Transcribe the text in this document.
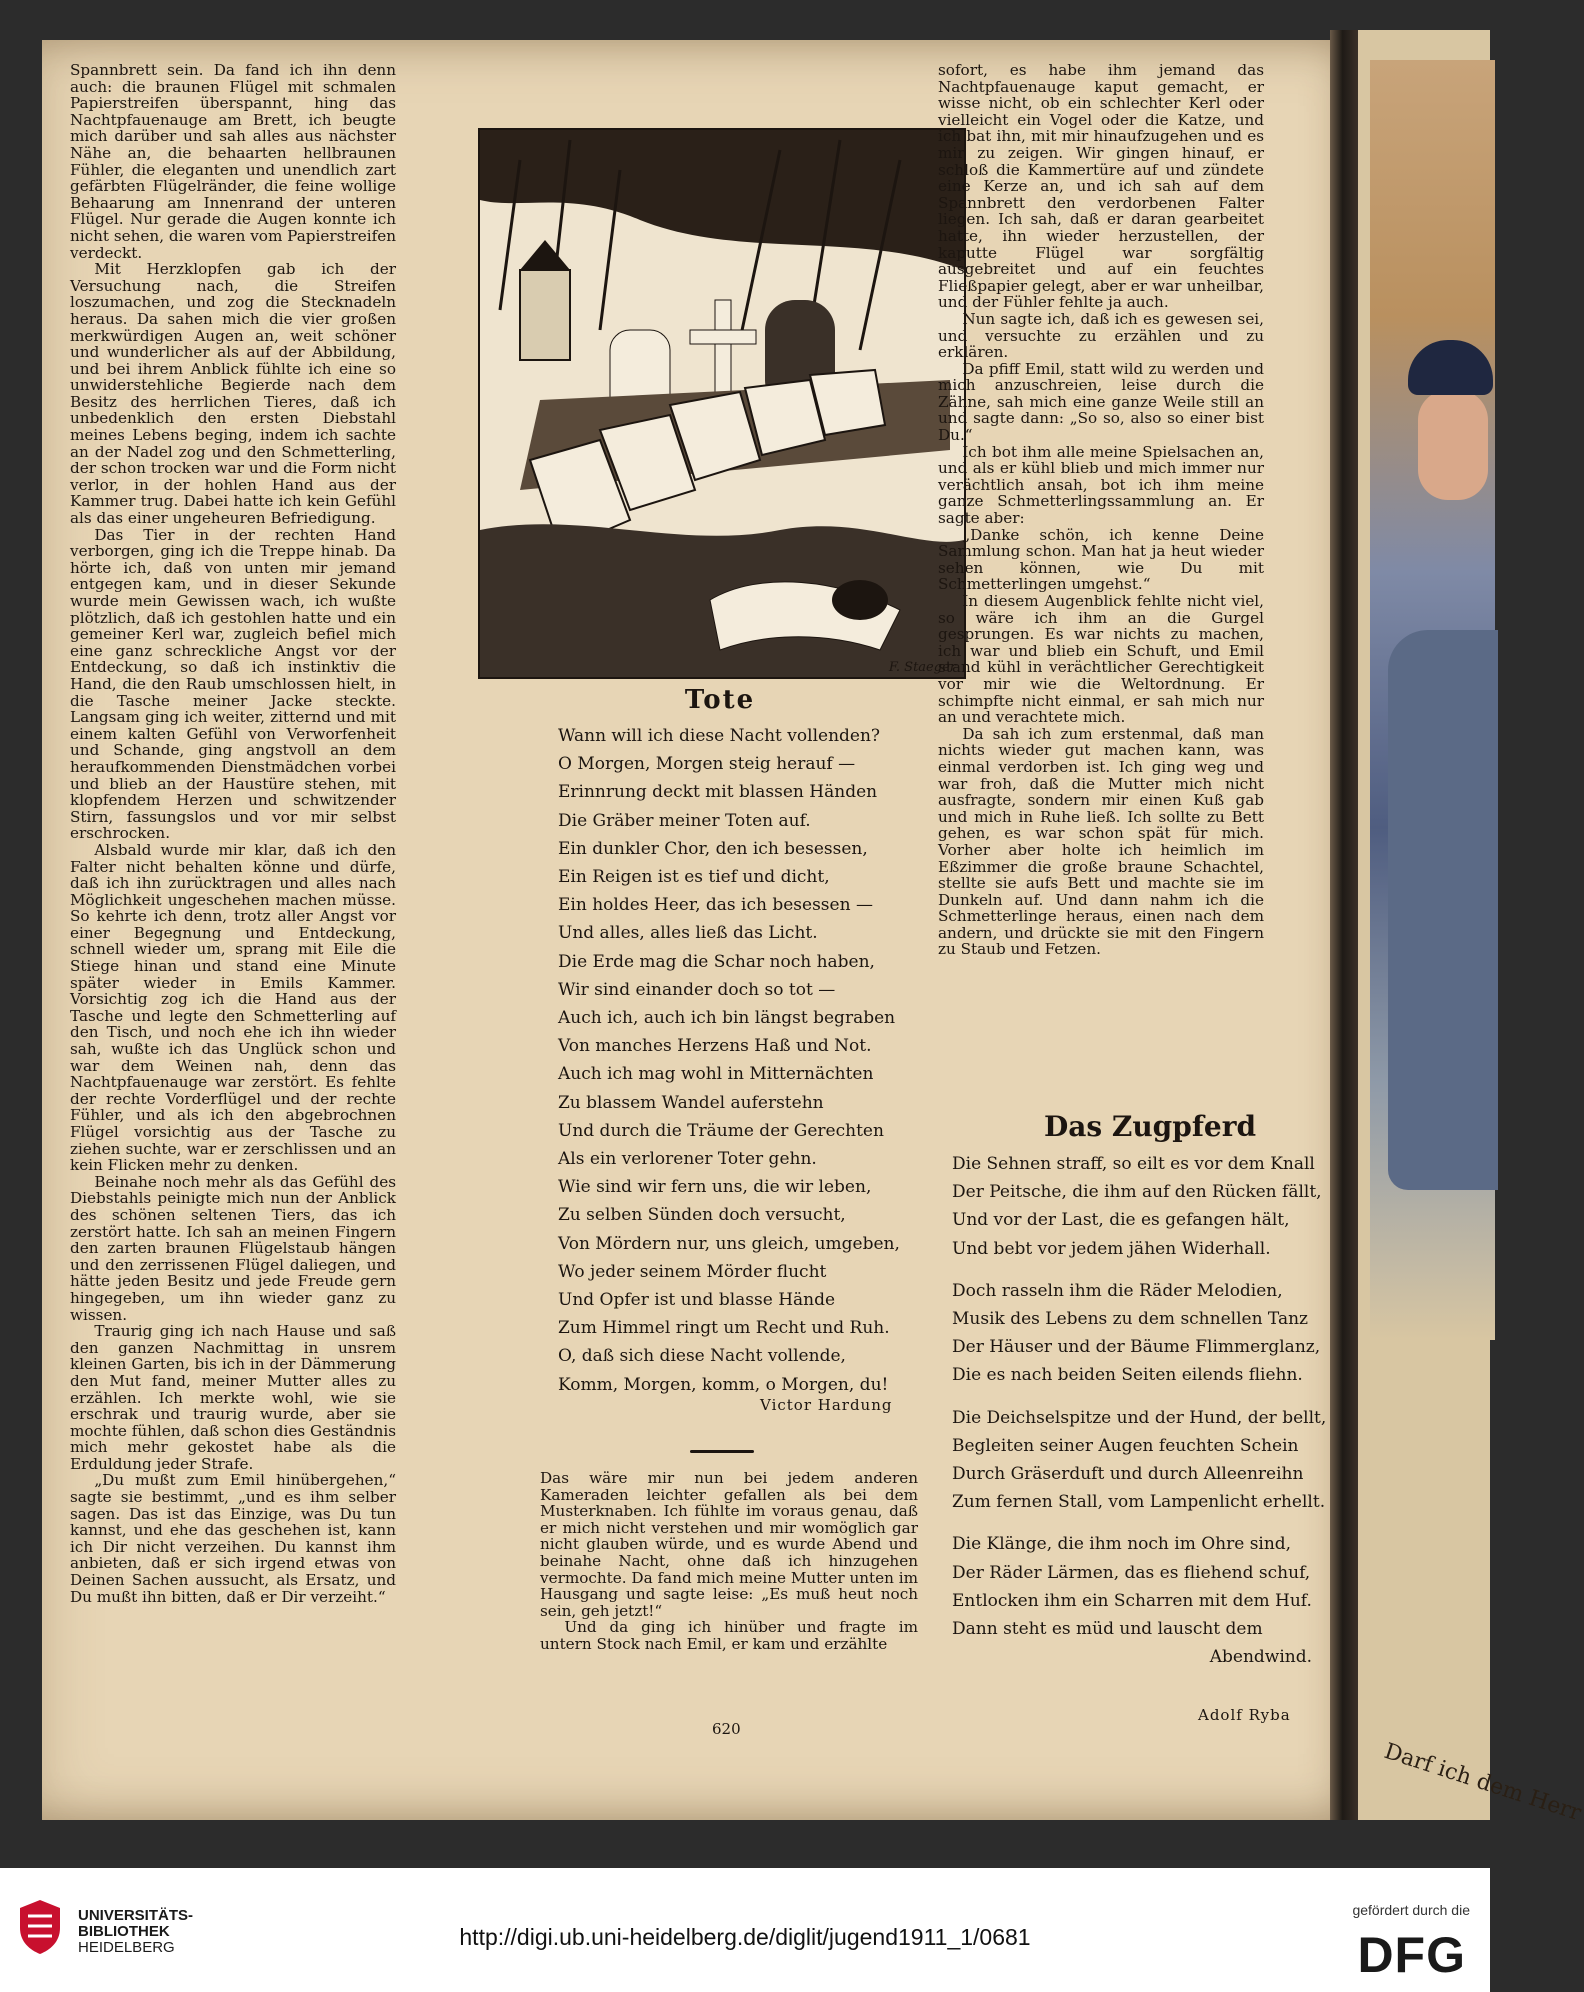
Darf ich dem Herr

Spannbrett sein. Da fand ich ihn denn auch: die braunen Flügel mit schmalen Papierstreifen überspannt, hing das Nachtpfauenauge am Brett, ich beugte mich darüber und sah alles aus nächster Nähe an, die behaarten hellbraunen Fühler, die eleganten und unendlich zart gefärbten Flügelränder, die feine wollige Behaarung am Innenrand der unteren Flügel. Nur gerade die Augen konnte ich nicht sehen, die waren vom Papierstreifen verdeckt.

Mit Herzklopfen gab ich der Versuchung nach, die Streifen loszumachen, und zog die Stecknadeln heraus. Da sahen mich die vier großen merkwürdigen Augen an, weit schöner und wunderlicher als auf der Abbildung, und bei ihrem Anblick fühlte ich eine so unwiderstehliche Begierde nach dem Besitz des herrlichen Tieres, daß ich unbedenklich den ersten Diebstahl meines Lebens beging, indem ich sachte an der Nadel zog und den Schmetterling, der schon trocken war und die Form nicht verlor, in der hohlen Hand aus der Kammer trug. Dabei hatte ich kein Gefühl als das einer ungeheuren Befriedigung.

Das Tier in der rechten Hand verborgen, ging ich die Treppe hinab. Da hörte ich, daß von unten mir jemand entgegen kam, und in dieser Sekunde wurde mein Gewissen wach, ich wußte plötzlich, daß ich gestohlen hatte und ein gemeiner Kerl war, zugleich befiel mich eine ganz schreckliche Angst vor der Entdeckung, so daß ich instinktiv die Hand, die den Raub umschlossen hielt, in die Tasche meiner Jacke steckte. Langsam ging ich weiter, zitternd und mit einem kalten Gefühl von Verworfenheit und Schande, ging angstvoll an dem heraufkommenden Dienstmädchen vorbei und blieb an der Haustüre stehen, mit klopfendem Herzen und schwitzender Stirn, fassungslos und vor mir selbst erschrocken.

Alsbald wurde mir klar, daß ich den Falter nicht behalten könne und dürfe, daß ich ihn zurücktragen und alles nach Möglichkeit ungeschehen machen müsse. So kehrte ich denn, trotz aller Angst vor einer Begegnung und Entdeckung, schnell wieder um, sprang mit Eile die Stiege hinan und stand eine Minute später wieder in Emils Kammer. Vorsichtig zog ich die Hand aus der Tasche und legte den Schmetterling auf den Tisch, und noch ehe ich ihn wieder sah, wußte ich das Unglück schon und war dem Weinen nah, denn das Nachtpfauenauge war zerstört. Es fehlte der rechte Vorderflügel und der rechte Fühler, und als ich den abgebrochnen Flügel vorsichtig aus der Tasche zu ziehen suchte, war er zerschlissen und an kein Flicken mehr zu denken.

Beinahe noch mehr als das Gefühl des Diebstahls peinigte mich nun der Anblick des schönen seltenen Tiers, das ich zerstört hatte. Ich sah an meinen Fingern den zarten braunen Flügelstaub hängen und den zerrissenen Flügel daliegen, und hätte jeden Besitz und jede Freude gern hingegeben, um ihn wieder ganz zu wissen.

Traurig ging ich nach Hause und saß den ganzen Nachmittag in unsrem kleinen Garten, bis ich in der Dämmerung den Mut fand, meiner Mutter alles zu erzählen. Ich merkte wohl, wie sie erschrak und traurig wurde, aber sie mochte fühlen, daß schon dies Geständnis mich mehr gekostet habe als die Erduldung jeder Strafe.

„Du mußt zum Emil hinübergehen,“ sagte sie bestimmt, „und es ihm selber sagen. Das ist das Einzige, was Du tun kannst, und ehe das geschehen ist, kann ich Dir nicht verzeihen. Du kannst ihm anbieten, daß er sich irgend etwas von Deinen Sachen aussucht, als Ersatz, und Du mußt ihn bitten, daß er Dir verzeiht.“

F. Staeger
Tote
Wann will ich diese Nacht vollenden?
O Morgen, Morgen steig herauf —
Erinnrung deckt mit blassen Händen
Die Gräber meiner Toten auf.
Ein dunkler Chor, den ich besessen,
Ein Reigen ist es tief und dicht,
Ein holdes Heer, das ich besessen —
Und alles, alles ließ das Licht.
Die Erde mag die Schar noch haben,
Wir sind einander doch so tot —
Auch ich, auch ich bin längst begraben
Von manches Herzens Haß und Not.
Auch ich mag wohl in Mitternächten
Zu blassem Wandel auferstehn
Und durch die Träume der Gerechten
Als ein verlorener Toter gehn.
Wie sind wir fern uns, die wir leben,
Zu selben Sünden doch versucht,
Von Mördern nur, uns gleich, umgeben,
Wo jeder seinem Mörder flucht
Und Opfer ist und blasse Hände
Zum Himmel ringt um Recht und Ruh.
O, daß sich diese Nacht vollende,
Komm, Morgen, komm, o Morgen, du!
Victor Hardung

Das wäre mir nun bei jedem anderen Kameraden leichter gefallen als bei dem Musterknaben. Ich fühlte im voraus genau, daß er mich nicht verstehen und mir womöglich gar nicht glauben würde, und es wurde Abend und beinahe Nacht, ohne daß ich hinzugehen vermochte. Da fand mich meine Mutter unten im Hausgang und sagte leise: „Es muß heut noch sein, geh jetzt!“

Und da ging ich hinüber und fragte im untern Stock nach Emil, er kam und erzählte

sofort, es habe ihm jemand das Nachtpfauenauge kaput gemacht, er wisse nicht, ob ein schlechter Kerl oder vielleicht ein Vogel oder die Katze, und ich bat ihn, mit mir hinaufzugehen und es mir zu zeigen. Wir gingen hinauf, er schloß die Kammertüre auf und zündete eine Kerze an, und ich sah auf dem Spannbrett den verdorbenen Falter liegen. Ich sah, daß er daran gearbeitet hatte, ihn wieder herzustellen, der kaputte Flügel war sorgfältig ausgebreitet und auf ein feuchtes Fließpapier gelegt, aber er war unheilbar, und der Fühler fehlte ja auch.

Nun sagte ich, daß ich es gewesen sei, und versuchte zu erzählen und zu erklären.

Da pfiff Emil, statt wild zu werden und mich anzuschreien, leise durch die Zähne, sah mich eine ganze Weile still an und sagte dann: „So so, also so einer bist Du.“

Ich bot ihm alle meine Spielsachen an, und als er kühl blieb und mich immer nur verächtlich ansah, bot ich ihm meine ganze Schmetterlingssammlung an. Er sagte aber:

„Danke schön, ich kenne Deine Sammlung schon. Man hat ja heut wieder sehen können, wie Du mit Schmetterlingen umgehst.“

In diesem Augenblick fehlte nicht viel, so wäre ich ihm an die Gurgel gesprungen. Es war nichts zu machen, ich war und blieb ein Schuft, und Emil stand kühl in verächtlicher Gerechtigkeit vor mir wie die Weltordnung. Er schimpfte nicht einmal, er sah mich nur an und verachtete mich.

Da sah ich zum erstenmal, daß man nichts wieder gut machen kann, was einmal verdorben ist. Ich ging weg und war froh, daß die Mutter mich nicht ausfragte, sondern mir einen Kuß gab und mich in Ruhe ließ. Ich sollte zu Bett gehen, es war schon spät für mich. Vorher aber holte ich heimlich im Eßzimmer die große braune Schachtel, stellte sie aufs Bett und machte sie im Dunkeln auf. Und dann nahm ich die Schmetterlinge heraus, einen nach dem andern, und drückte sie mit den Fingern zu Staub und Fetzen.

Das Zugpferd
Die Sehnen straff, so eilt es vor dem Knall
Der Peitsche, die ihm auf den Rücken fällt,
Und vor der Last, die es gefangen hält,
Und bebt vor jedem jähen Widerhall.
Doch rasseln ihm die Räder Melodien,
Musik des Lebens zu dem schnellen Tanz
Der Häuser und der Bäume Flimmerglanz,
Die es nach beiden Seiten eilends fliehn.
Die Deichselspitze und der Hund, der bellt,
Begleiten seiner Augen feuchten Schein
Durch Gräserduft und durch Alleenreihn
Zum fernen Stall, vom Lampenlicht erhellt.
Die Klänge, die ihm noch im Ohre sind,
Der Räder Lärmen, das es fliehend schuf,
Entlocken ihm ein Scharren mit dem Huf.
Dann steht es müd und lauscht dem
Abendwind.
Adolf Ryba
620
UNIVERSITÄTS-
BIBLIOTHEK
HEIDELBERG	http://digi.ub.uni-heidelberg.de/diglit/jugend1911_1/0681
gefördert durch die
DFG
